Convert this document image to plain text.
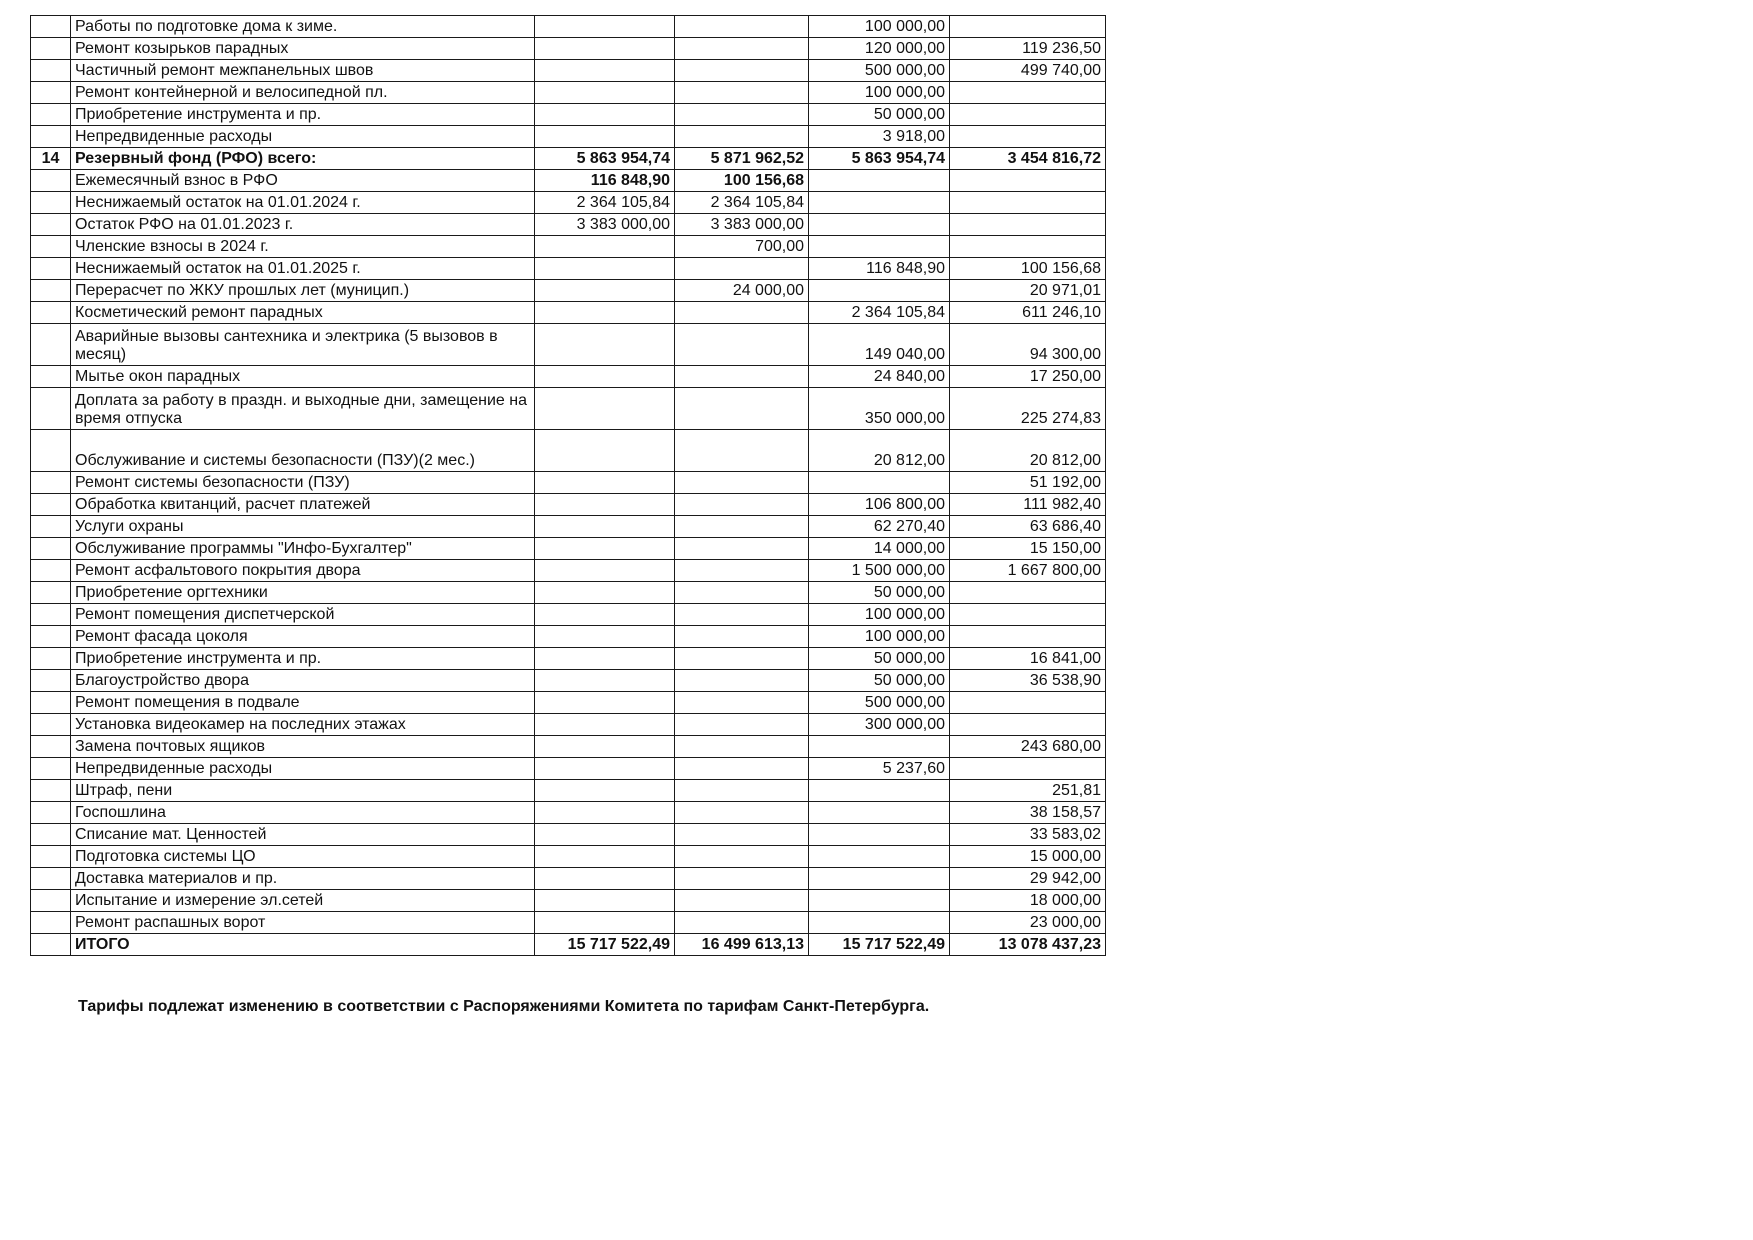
	Работы по подготовке дома к зиме.			100 000,00	
	Ремонт козырьков парадных			120 000,00	119 236,50
	Частичный ремонт межпанельных швов			500 000,00	499 740,00
	Ремонт контейнерной и велосипедной пл.			100 000,00	
	Приобретение инструмента и пр.			50 000,00	
	Непредвиденные расходы			3 918,00	
14	Резервный фонд (РФО) всего:	5 863 954,74	5 871 962,52	5 863 954,74	3 454 816,72
	Ежемесячный взнос в РФО	116 848,90	100 156,68		
	Неснижаемый остаток на 01.01.2024 г.	2 364 105,84	2 364 105,84		
	Остаток РФО на 01.01.2023 г.	3 383 000,00	3 383 000,00		
	Членские взносы в 2024 г.		700,00		
	Неснижаемый остаток на 01.01.2025 г.			116 848,90	100 156,68
	Перерасчет по ЖКУ прошлых лет (муницип.)		24 000,00		20 971,01
	Косметический ремонт парадных			2 364 105,84	611 246,10
	Аварийные вызовы сантехника и электрика (5 вызовов в месяц)			149 040,00	94 300,00
	Мытье окон парадных			24 840,00	17 250,00
	Доплата за работу в праздн. и выходные дни, замещение на время отпуска			350 000,00	225 274,83
	Обслуживание и системы безопасности (ПЗУ)(2 мес.)			20 812,00	20 812,00
	Ремонт системы безопасности (ПЗУ)				51 192,00
	Обработка квитанций, расчет платежей			106 800,00	111 982,40
	Услуги охраны			62 270,40	63 686,40
	Обслуживание программы "Инфо-Бухгалтер"			14 000,00	15 150,00
	Ремонт асфальтового покрытия двора			1 500 000,00	1 667 800,00
	Приобретение оргтехники			50 000,00	
	Ремонт помещения диспетчерской			100 000,00	
	Ремонт фасада цоколя			100 000,00	
	Приобретение инструмента и пр.			50 000,00	16 841,00
	Благоустройство двора			50 000,00	36 538,90
	Ремонт помещения в подвале			500 000,00	
	Установка видеокамер на последних этажах			300 000,00	
	Замена почтовых ящиков				243 680,00
	Непредвиденные расходы			5 237,60	
	Штраф, пени				251,81
	Госпошлина				38 158,57
	Списание мат. Ценностей				33 583,02
	Подготовка системы ЦО				15 000,00
	Доставка материалов и пр.				29 942,00
	Испытание и измерение эл.сетей				18 000,00
	Ремонт распашных ворот				23 000,00
	ИТОГО	15 717 522,49	16 499 613,13	15 717 522,49	13 078 437,23
Тарифы подлежат изменению в соответствии с Распоряжениями Комитета по тарифам Санкт-Петербурга.
